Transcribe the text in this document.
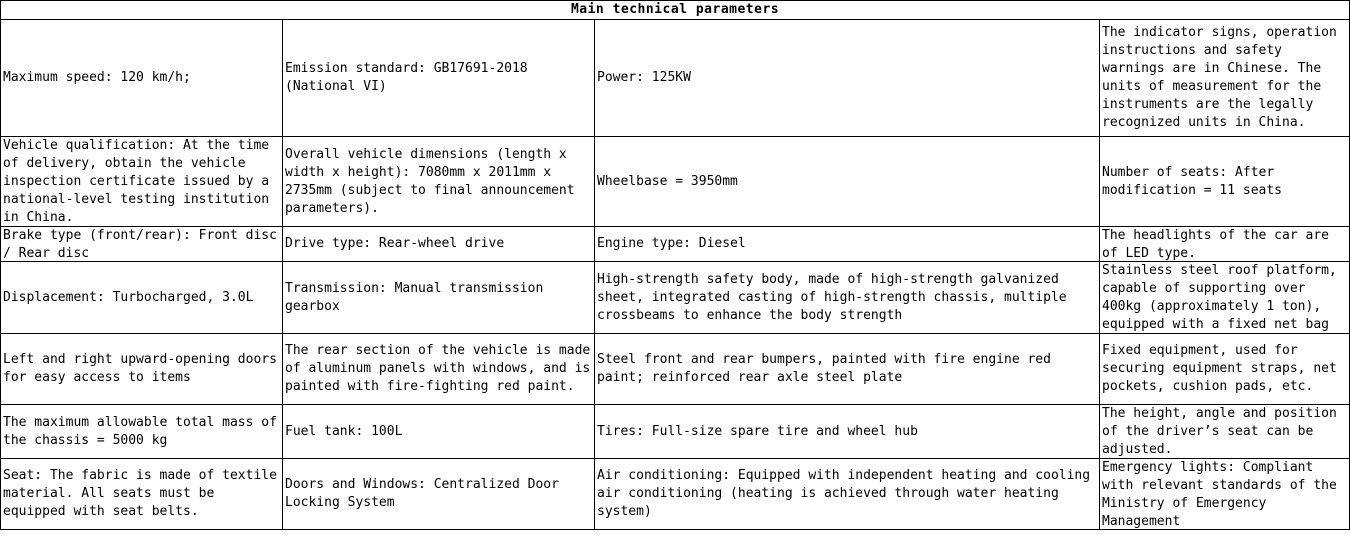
Main technical parameters			

Maximum speed: 120 km/h;	Emission standard: GB17691-2018 (National VI)	Power: 125KW	The indicator signs, operation instructions and safety warnings are in Chinese. The units of measurement for the instruments are the legally recognized units in China.

Vehicle qualification: At the time of delivery, obtain the vehicle inspection certificate issued by a national-level testing institution in China.	Overall vehicle dimensions (length x width x height): 7080mm x 2011mm x 2735mm (subject to final announcement parameters).	Wheelbase = 3950mm	Number of seats: After modification = 11 seats

Brake type (front/rear): Front disc / Rear disc	Drive type: Rear-wheel drive	Engine type: Diesel	The headlights of the car are of LED type.

Displacement: Turbocharged, 3.0L	Transmission: Manual transmission gearbox	High-strength safety body, made of high-strength galvanized sheet, integrated casting of high-strength chassis, multiple crossbeams to enhance the body strength	Stainless steel roof platform, capable of supporting over 400kg (approximately 1 ton), equipped with a fixed net bag

Left and right upward-opening doors for easy access to items	The rear section of the vehicle is made of aluminum panels with windows, and is painted with fire-fighting red paint.	Steel front and rear bumpers, painted with fire engine red paint; reinforced rear axle steel plate	Fixed equipment, used for securing equipment straps, net pockets, cushion pads, etc.

The maximum allowable total mass of the chassis = 5000 kg	Fuel tank: 100L	Tires: Full-size spare tire and wheel hub	The height, angle and position of the driver’s seat can be adjusted.

Seat: The fabric is made of textile material. All seats must be equipped with seat belts.	Doors and Windows: Centralized Door Locking System	Air conditioning: Equipped with independent heating and cooling air conditioning (heating is achieved through water heating system)	Emergency lights: Compliant with relevant standards of the Ministry of Emergency Management
